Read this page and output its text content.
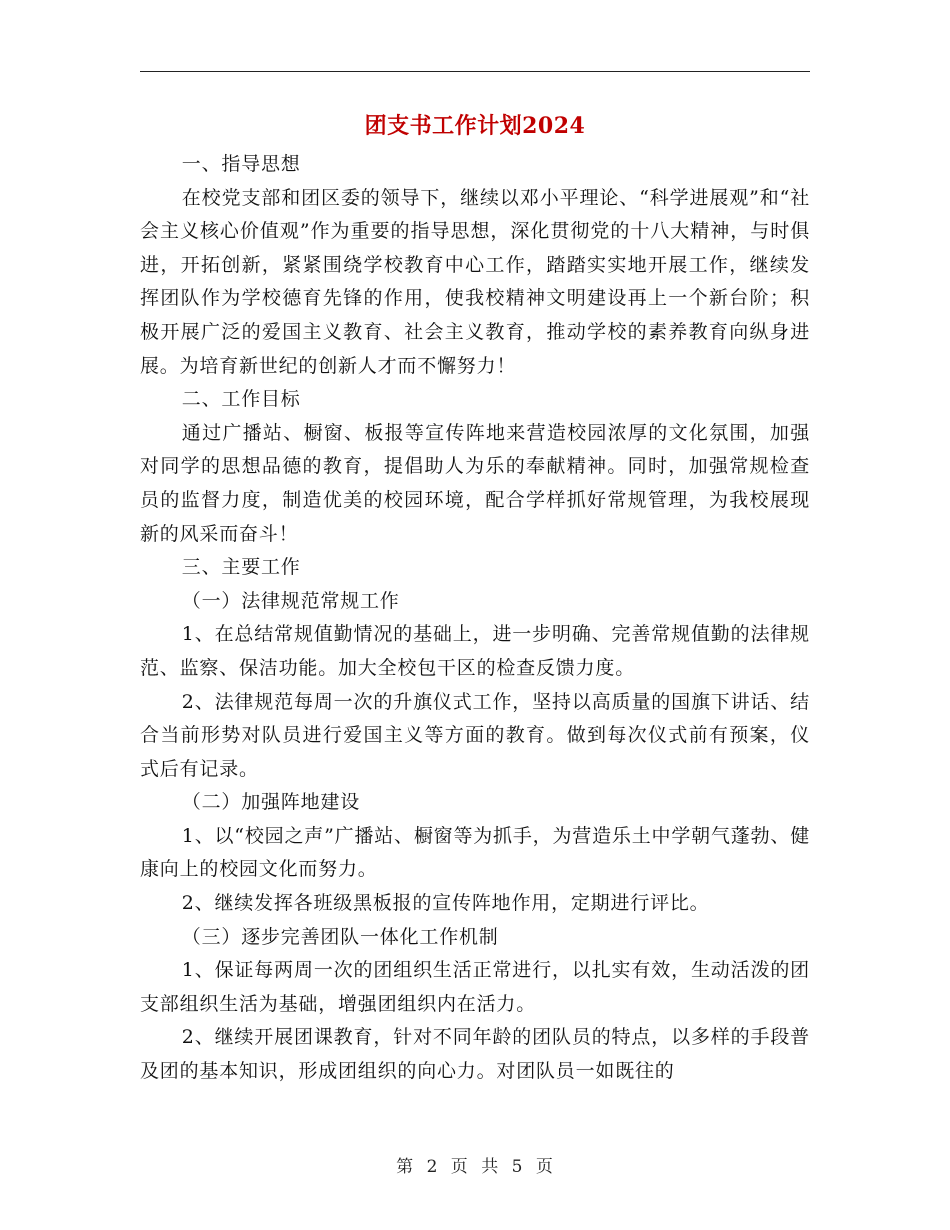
团支书工作计划2024

一、指导思想

在校党支部和团区委的领导下，继续以邓小平理论、“科学进展观”和“社会主义核心价值观”作为重要的指导思想，深化贯彻党的十八大精神，与时俱进，开拓创新，紧紧围绕学校教育中心工作，踏踏实实地开展工作，继续发挥团队作为学校德育先锋的作用，使我校精神文明建设再上一个新台阶；积极开展广泛的爱国主义教育、社会主义教育，推动学校的素养教育向纵身进展。为培育新世纪的创新人才而不懈努力！

二、工作目标

通过广播站、橱窗、板报等宣传阵地来营造校园浓厚的文化氛围，加强对同学的思想品德的教育，提倡助人为乐的奉献精神。同时，加强常规检查员的监督力度，制造优美的校园环境，配合学样抓好常规管理，为我校展现新的风采而奋斗！

三、主要工作

（一）法律规范常规工作

1、在总结常规值勤情况的基础上，进一步明确、完善常规值勤的法律规范、监察、保洁功能。加大全校包干区的检查反馈力度。

2、法律规范每周一次的升旗仪式工作，坚持以高质量的国旗下讲话、结合当前形势对队员进行爱国主义等方面的教育。做到每次仪式前有预案，仪式后有记录。

（二）加强阵地建设

1、以“校园之声”广播站、橱窗等为抓手，为营造乐土中学朝气蓬勃、健康向上的校园文化而努力。

2、继续发挥各班级黑板报的宣传阵地作用，定期进行评比。

（三）逐步完善团队一体化工作机制

1、保证每两周一次的团组织生活正常进行，以扎实有效，生动活泼的团支部组织生活为基础，增强团组织内在活力。

2、继续开展团课教育，针对不同年龄的团队员的特点，以多样的手段普及团的基本知识，形成团组织的向心力。对团队员一如既往的

第 2 页 共 5 页
